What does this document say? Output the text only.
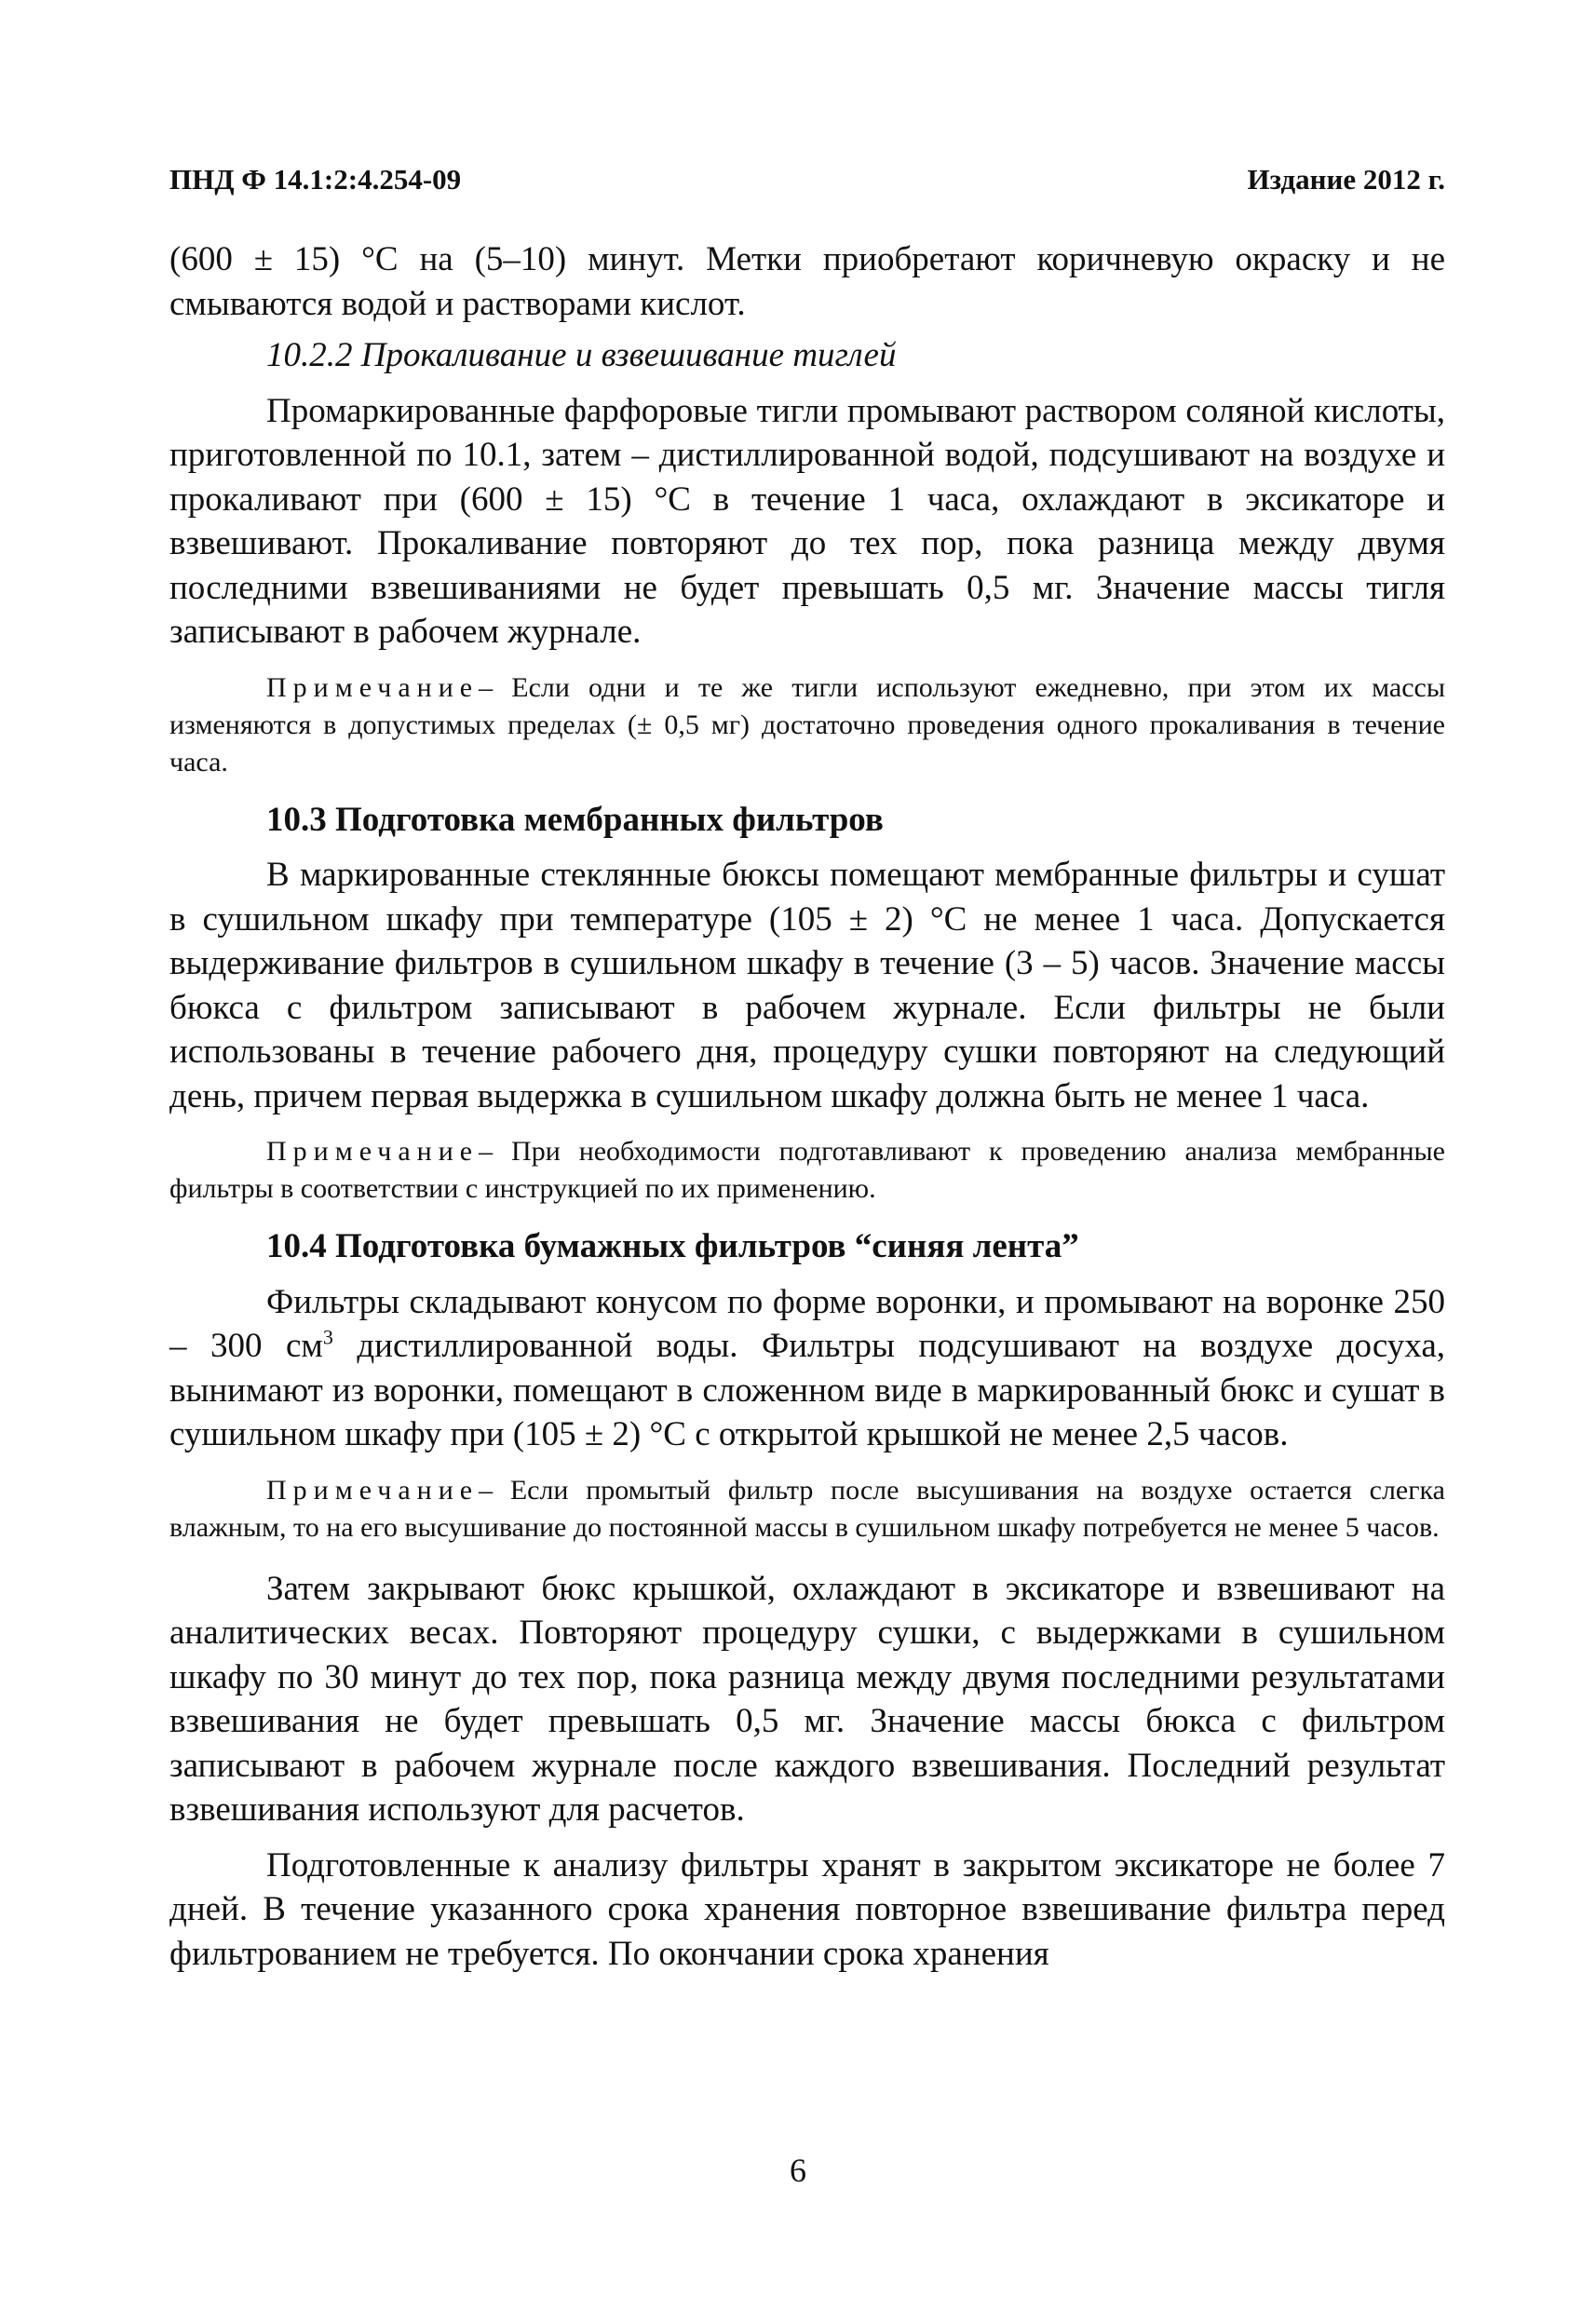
ПНД Ф 14.1:2:4.254-09	Издание 2012 г.

(600 ± 15) °С на (5–10) минут. Метки приобретают коричневую окраску и не смываются водой и растворами кислот.

10.2.2 Прокаливание и взвешивание тиглей

Промаркированные фарфоровые тигли промывают раствором соляной кислоты, приготовленной по 10.1, затем – дистиллированной водой, подсушивают на воздухе и прокаливают при (600 ± 15) °С в течение 1 часа, охлаждают в эксикаторе и взвешивают. Прокаливание повторяют до тех пор, пока разница между двумя последними взвешиваниями не будет превышать 0,5 мг. Значение массы тигля записывают в рабочем журнале.

Примечание– Если одни и те же тигли используют ежедневно, при этом их массы изменяются в допустимых пределах (± 0,5 мг) достаточно проведения одного прокаливания в течение часа.

10.3 Подготовка мембранных фильтров

В маркированные стеклянные бюксы помещают мембранные фильтры и сушат в сушильном шкафу при температуре (105 ± 2) °С не менее 1 часа. Допускается выдерживание фильтров в сушильном шкафу в течение (3 – 5) часов. Значение массы бюкса с фильтром записывают в рабочем журнале. Если фильтры не были использованы в течение рабочего дня, процедуру сушки повторяют на следующий день, причем первая выдержка в сушильном шкафу должна быть не менее 1 часа.

Примечание– При необходимости подготавливают к проведению анализа мембранные фильтры в соответствии с инструкцией по их применению.

10.4 Подготовка бумажных фильтров “синяя лента”

Фильтры складывают конусом по форме воронки, и промывают на воронке 250 – 300 $см^3$ дистиллированной воды. Фильтры подсушивают на воздухе досуха, вынимают из воронки, помещают в сложенном виде в маркированный бюкс и сушат в сушильном шкафу при (105 ± 2) °С с открытой крышкой не менее 2,5 часов.

Примечание– Если промытый фильтр после высушивания на воздухе остается слегка влажным, то на его высушивание до постоянной массы в сушильном шкафу потребуется не менее 5 часов.

Затем закрывают бюкс крышкой, охлаждают в эксикаторе и взвешивают на аналитических весах. Повторяют процедуру сушки, с выдержками в сушильном шкафу по 30 минут до тех пор, пока разница между двумя последними результатами взвешивания не будет превышать 0,5 мг. Значение массы бюкса с фильтром записывают в рабочем журнале после каждого взвешивания. Последний результат взвешивания используют для расчетов.

Подготовленные к анализу фильтры хранят в закрытом эксикаторе не более 7 дней. В течение указанного срока хранения повторное взвешивание фильтра перед фильтрованием не требуется. По окончании срока хранения

6
